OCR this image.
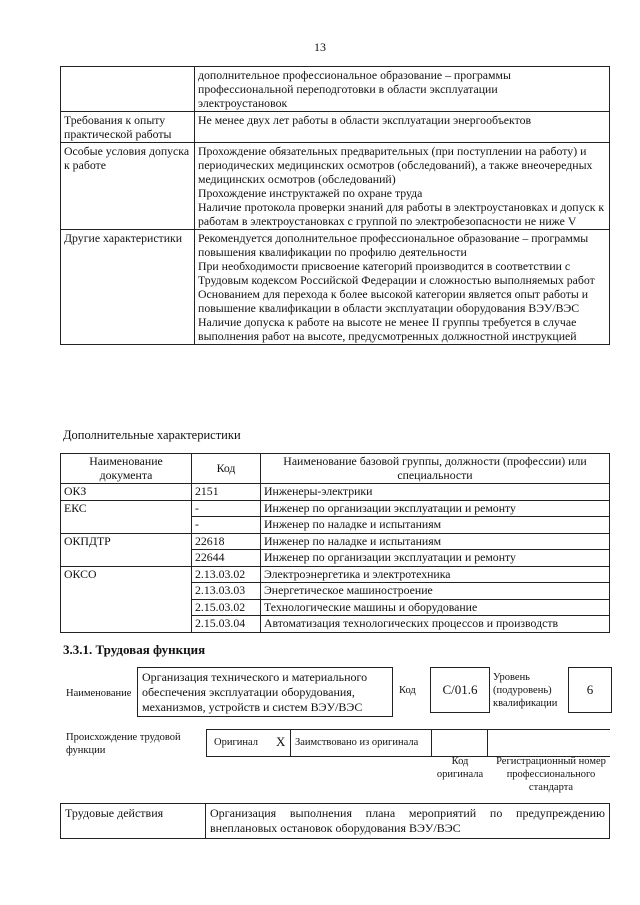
13

	дополнительное профессиональное образование – программы
профессиональной переподготовки в области эксплуатации
электроустановок

Требования к опыту практической работы	Не менее двух лет работы в области эксплуатации энергообъектов

Особые условия допуска к работе	Прохождение обязательных предварительных (при поступлении на работу) и периодических медицинских осмотров (обследований), а также внеочередных медицинских осмотров (обследований)
Прохождение инструктажей по охране труда
Наличие протокола проверки знаний для работы в электроустановках и допуск к работам в электроустановках с группой по электробезопасности не ниже V

Другие характеристики	Рекомендуется дополнительное профессиональное образование – программы повышения квалификации по профилю деятельности
При необходимости присвоение категорий производится в соответствии с Трудовым кодексом Российской Федерации и сложностью выполняемых работ
Основанием для перехода к более высокой категории является опыт работы и повышение квалификации в области эксплуатации оборудования ВЭУ/ВЭС
Наличие допуска к работе на высоте не менее II группы требуется в случае выполнения работ на высоте, предусмотренных должностной инструкцией
Дополнительные характеристики
Наименование документа	Код	Наименование базовой группы, должности (профессии) или специальности
ОКЗ	2151	Инженеры-электрики
ЕКС	-	Инженер по организации эксплуатации и ремонту
	-	Инженер по наладке и испытаниям
ОКПДТР	22618	Инженер по наладке и испытаниям
	22644	Инженер по организации эксплуатации и ремонту
ОКСО	2.13.03.02	Электроэнергетика и электротехника
	2.13.03.03	Энергетическое машиностроение
	2.15.03.02	Технологические машины и оборудование
	2.15.03.04	Автоматизация технологических процессов и производств
3.3.1. Трудовая функция
Наименование
Организация технического и материального обеспечения эксплуатации оборудования, механизмов, устройств и систем ВЭУ/ВЭС
Код	C/01.6
Уровень (подуровень) квалификации
6
Происхождение трудовой функции
Оригинал X Заимствовано из оригинала
Код оригинала
Регистрационный номер профессионального стандарта
Трудовые действия	Организация выполнения плана мероприятий по предупреждению внеплановых остановок оборудования ВЭУ/ВЭС
